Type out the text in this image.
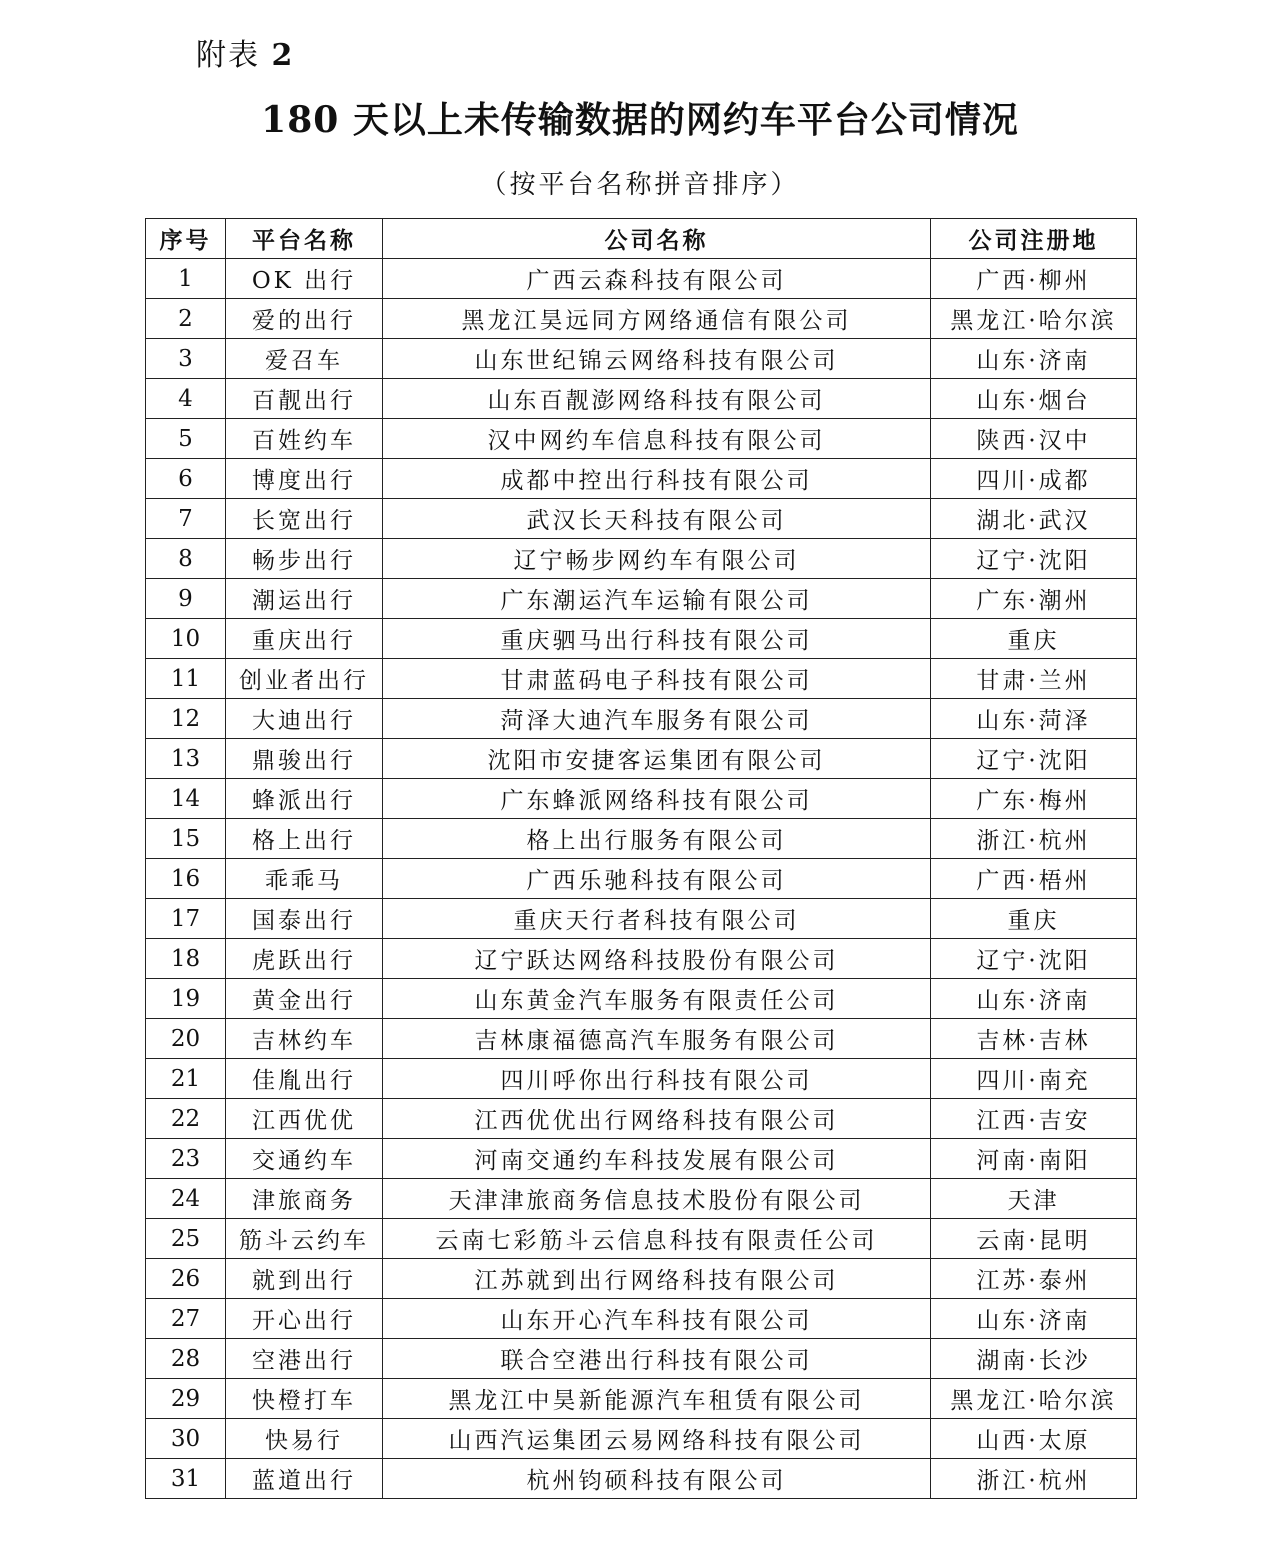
附表 2
180 天以上未传输数据的网约车平台公司情况
（按平台名称拼音排序）
序号	平台名称	公司名称	公司注册地
1	OK 出行	广西云森科技有限公司	广西·柳州
2	爱的出行	黑龙江昊远同方网络通信有限公司	黑龙江·哈尔滨
3	爱召车	山东世纪锦云网络科技有限公司	山东·济南
4	百靓出行	山东百靓澎网络科技有限公司	山东·烟台
5	百姓约车	汉中网约车信息科技有限公司	陕西·汉中
6	博度出行	成都中控出行科技有限公司	四川·成都
7	长宽出行	武汉长天科技有限公司	湖北·武汉
8	畅步出行	辽宁畅步网约车有限公司	辽宁·沈阳
9	潮运出行	广东潮运汽车运输有限公司	广东·潮州
10	重庆出行	重庆驷马出行科技有限公司	重庆
11	创业者出行	甘肃蓝码电子科技有限公司	甘肃·兰州
12	大迪出行	菏泽大迪汽车服务有限公司	山东·菏泽
13	鼎骏出行	沈阳市安捷客运集团有限公司	辽宁·沈阳
14	蜂派出行	广东蜂派网络科技有限公司	广东·梅州
15	格上出行	格上出行服务有限公司	浙江·杭州
16	乖乖马	广西乐驰科技有限公司	广西·梧州
17	国泰出行	重庆天行者科技有限公司	重庆
18	虎跃出行	辽宁跃达网络科技股份有限公司	辽宁·沈阳
19	黄金出行	山东黄金汽车服务有限责任公司	山东·济南
20	吉林约车	吉林康福德高汽车服务有限公司	吉林·吉林
21	佳胤出行	四川呼你出行科技有限公司	四川·南充
22	江西优优	江西优优出行网络科技有限公司	江西·吉安
23	交通约车	河南交通约车科技发展有限公司	河南·南阳
24	津旅商务	天津津旅商务信息技术股份有限公司	天津
25	筋斗云约车	云南七彩筋斗云信息科技有限责任公司	云南·昆明
26	就到出行	江苏就到出行网络科技有限公司	江苏·泰州
27	开心出行	山东开心汽车科技有限公司	山东·济南
28	空港出行	联合空港出行科技有限公司	湖南·长沙
29	快橙打车	黑龙江中昊新能源汽车租赁有限公司	黑龙江·哈尔滨
30	快易行	山西汽运集团云易网络科技有限公司	山西·太原
31	蓝道出行	杭州钧硕科技有限公司	浙江·杭州
